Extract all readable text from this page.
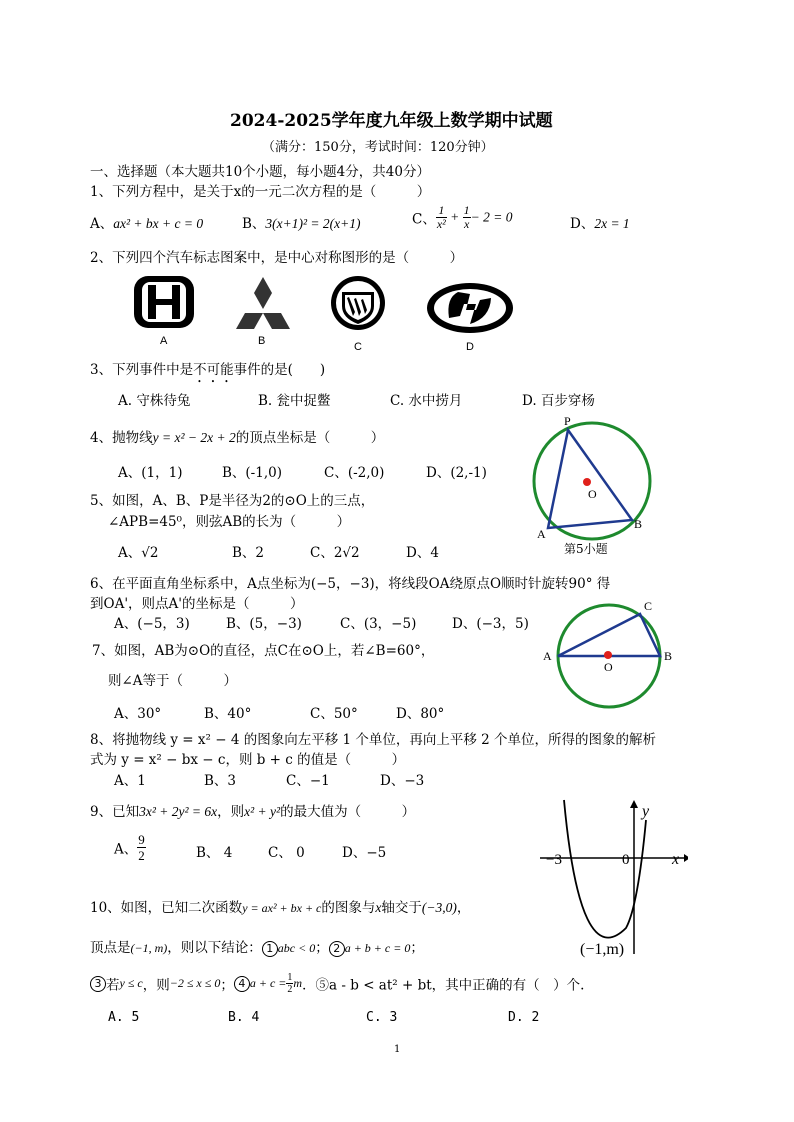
2024-2025学年度九年级上数学期中试题
（满分：150分，考试时间：120分钟）
一、选择题（本大题共10个小题，每小题4分，共40分）
1、下列方程中，是关于x的一元二次方程的是（　　　）
A、ax² + bx + c = 0	B、3(x+1)² = 2(x+1)	C、 $\frac{1}{\text{x²}} + \frac{1}{x} - 2 = 0$	D、2x = 1
2、下列四个汽车标志图案中，是中心对称图形的是（　　　）
A	B	C	D
3、下列事件中是不可能事件的是(　　)
A. 守株待兔	B. 瓮中捉鳖	C. 水中捞月	D. 百步穿杨
4、抛物线y = x² − 2x + 2的顶点坐标是（　　　）
A、(1，1)	B、(-1,0)	C、(-2,0)	D、(2,-1)
5、如图，A、B、P是半径为2的⊙O上的三点，
∠APB=45⁰，则弦AB的长为（　　　）
A、√2	B、2	C、2√2	D、4
P
O
A
B
第5小题
6、在平面直角坐标系中，A点坐标为(−5，−3)，将线段OA绕原点O顺时针旋转90° 得
到OA'，则点A'的坐标是（　　　）
A、(−5，3)	B、(5，−3)	C、(3，−5)	D、(−3，5)
7、如图，AB为⊙O的直径，点C在⊙O上，若∠B=60°，
则∠A等于（　　　）
A、30°	B、40°	C、50°	D、80°
C
A
O
B
8、将抛物线 y = x² − 4 的图象向左平移 1 个单位，再向上平移 2 个单位，所得的图象的解析
式为 y = x² − bx − c，则 b + c 的值是（　　　）
A、1	B、3	C、−1	D、−3
9、已知3x² + 2y² = 6x，则x² + y²的最大值为（　　　）
A、 $\frac{9}{2}$	B、 4	C、 0	D、−5
y
−3	0	x
(−1,m)
10、如图，已知二次函数y = ax² + bx + c的图象与x轴交于(−3,0)，
顶点是(−1, m)，则以下结论： 1 abc < 0； 2 a + b + c = 0；
3 若y ≤ c，则−2 ≤ x ≤ 0； 4 $a + c = \frac{1}{2}$ m．⑤a - b < at² + bt，其中正确的有（　）个.
A. 5	B. 4	C. 3	D. 2
1
